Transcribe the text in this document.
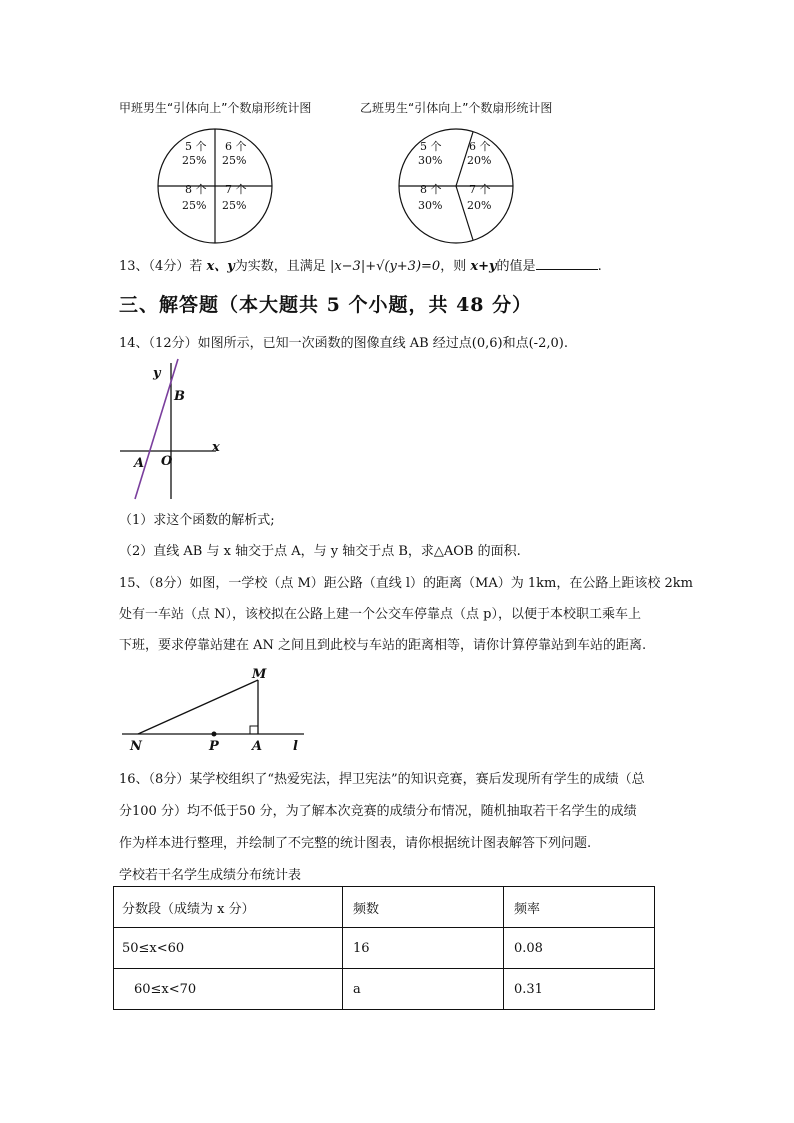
甲班男生“引体向上”个数扇形统计图
5 个
25%
6 个
25%
7 个
25%
8 个
25%
乙班男生“引体向上”个数扇形统计图
5 个
30%
6 个
20%
7 个
20%
8 个
30%
13、（4分）若 x、y为实数，且满足 |x−3|+√(y+3)=0，则 x+y的值是	.
三、解答题（本大题共 5 个小题，共 48 分）
14、（12分）如图所示，已知一次函数的图像直线 AB 经过点(0,6)和点(-2,0).
y
x
B
A O
（1）求这个函数的解析式;
（2）直线 AB 与 x 轴交于点 A，与 y 轴交于点 B，求△AOB 的面积.
15、（8分）如图，一学校（点 M）距公路（直线 l）的距离（MA）为 1km，在公路上距该校 2km
处有一车站（点 N），该校拟在公路上建一个公交车停靠点（点 p），以便于本校职工乘车上
下班，要求停靠站建在 AN 之间且到此校与车站的距离相等，请你计算停靠站到车站的距离.
M
N	P	A l
16、（8分）某学校组织了“热爱宪法，捍卫宪法”的知识竞赛，赛后发现所有学生的成绩（总
分100 分）均不低于50 分，为了解本次竞赛的成绩分布情况，随机抽取若干名学生的成绩
作为样本进行整理，并绘制了不完整的统计图表，请你根据统计图表解答下列问题.
学校若干名学生成绩分布统计表
分数段（成绩为 x 分）	频数	频率
50≤x<60	16	0.08
60≤x<70	a	0.31
